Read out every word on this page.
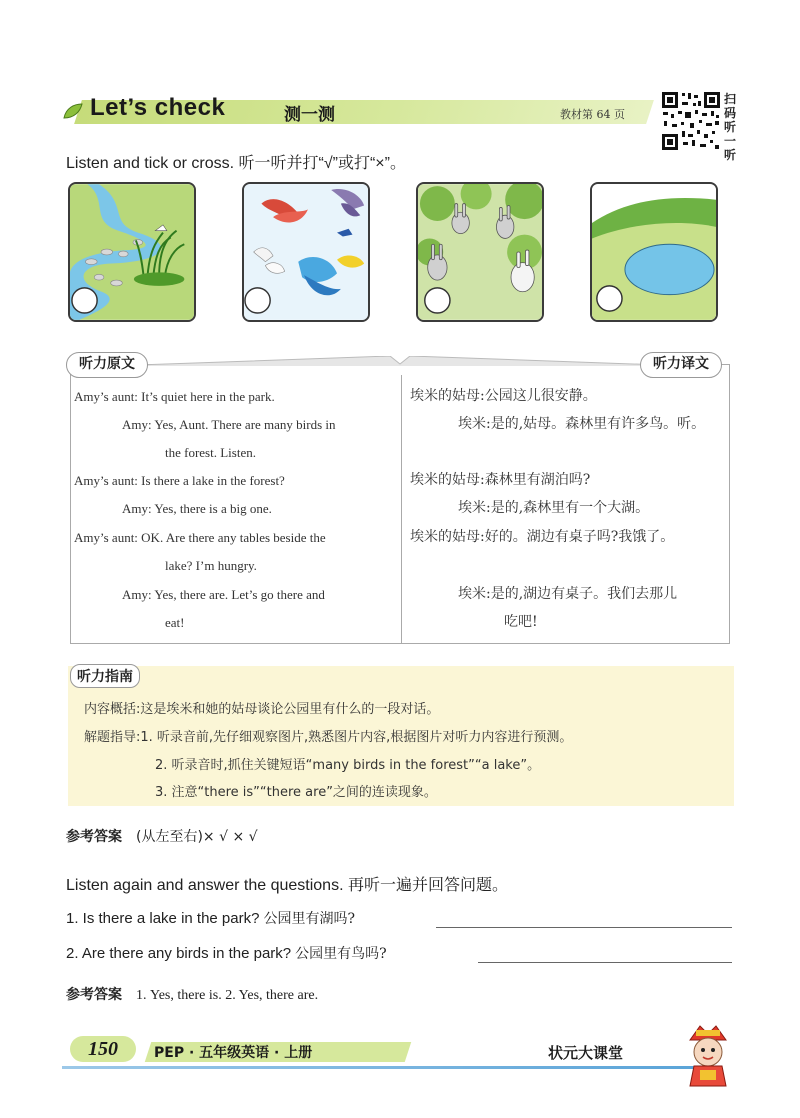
Let’s check	测一测	教材第 64 页
扫
码
听
一
听
Listen and tick or cross. 听一听并打“√”或打“×”。
听力原文	听力译文
Amy’s aunt: It’s quiet here in the park.
Amy: Yes, Aunt. There are many birds in
the forest. Listen.
Amy’s aunt: Is there a lake in the forest?
Amy: Yes, there is a big one.
Amy’s aunt: OK. Are there any tables beside the
lake? I’m hungry.
Amy: Yes, there are. Let’s go there and
eat!
埃米的姑母:公园这儿很安静。
埃米:是的,姑母。森林里有许多鸟。听。
埃米的姑母:森林里有湖泊吗?
埃米:是的,森林里有一个大湖。
埃米的姑母:好的。湖边有桌子吗?我饿了。
埃米:是的,湖边有桌子。我们去那儿
吃吧!
听力指南
内容概括:这是埃米和她的姑母谈论公园里有什么的一段对话。
解题指导:1. 听录音前,先仔细观察图片,熟悉图片内容,根据图片对听力内容进行预测。
2. 听录音时,抓住关键短语“many birds in the forest”“a lake”。
3. 注意“there is”“there are”之间的连读现象。
参考答案 (从左至右)× √ × √
Listen again and answer the questions. 再听一遍并回答问题。
1. Is there a lake in the park? 公园里有湖吗?
2. Are there any birds in the park? 公园里有鸟吗?
参考答案 1. Yes, there is. 2. Yes, there are.
150	PEP · 五年级英语 · 上册	状元大课堂
